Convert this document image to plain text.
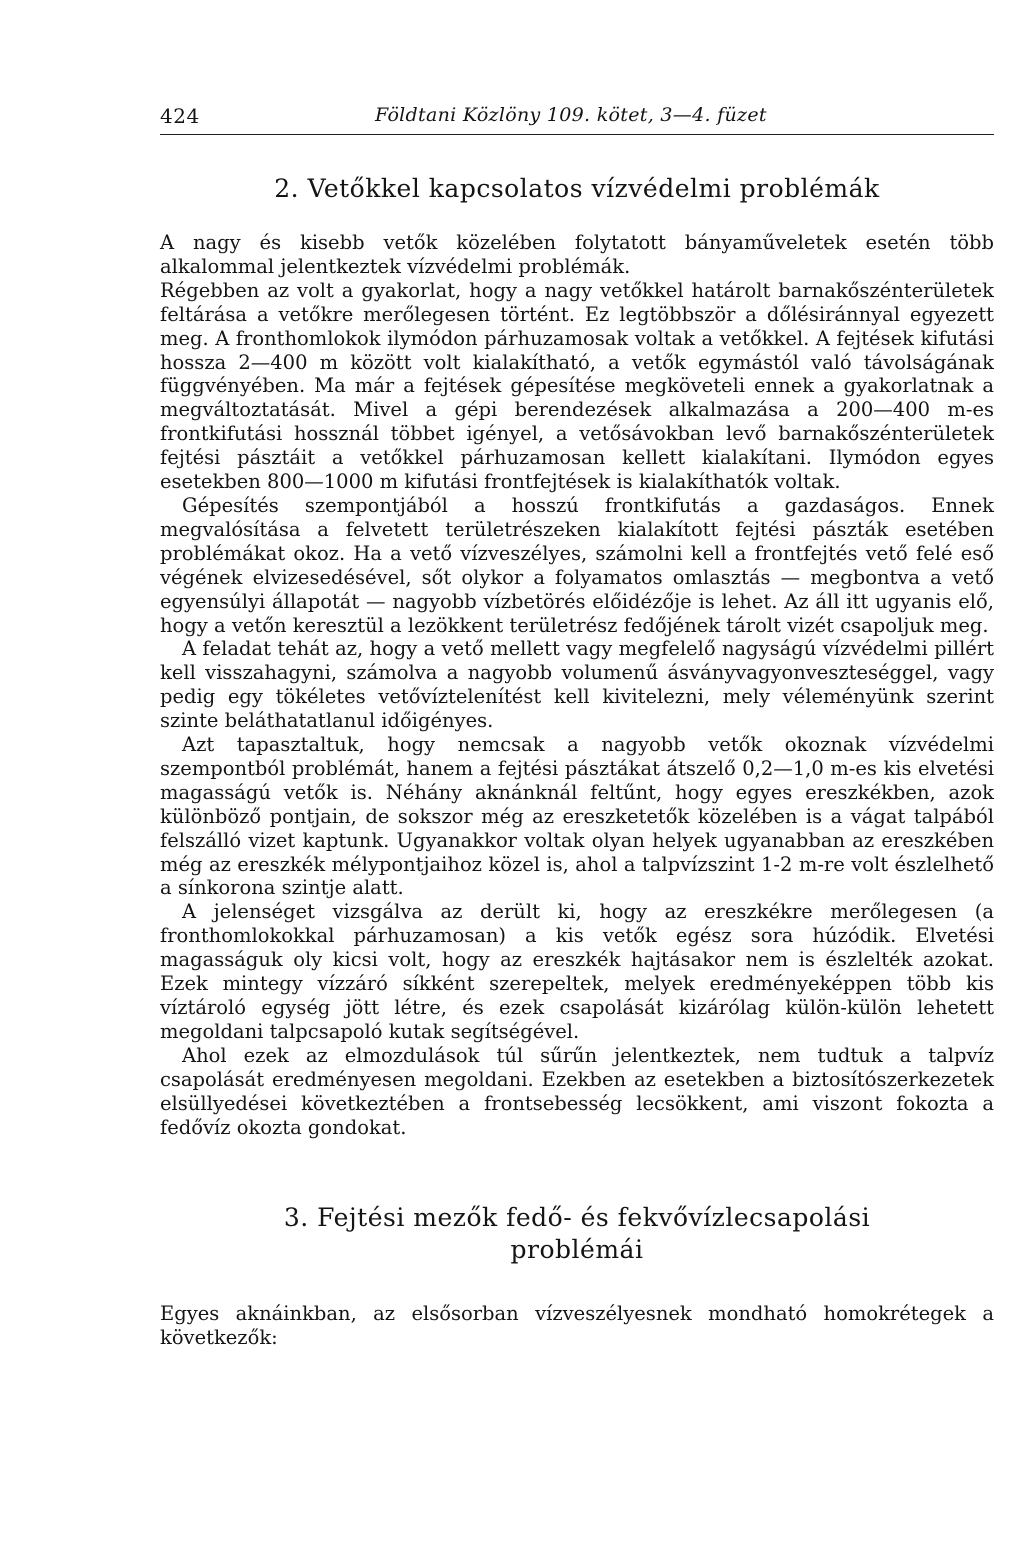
424	Földtani Közlöny 109. kötet, 3—4. füzet
2. Vetőkkel kapcsolatos vízvédelmi problémák

A nagy és kisebb vetők közelében folytatott bányaműveletek esetén több alkalommal jelentkeztek vízvédelmi problémák.

Régebben az volt a gyakorlat, hogy a nagy vetőkkel határolt barnakőszénterületek feltárása a vetőkre merőlegesen történt. Ez legtöbbször a dőlésiránnyal egyezett meg. A fronthomlokok ilymódon párhuzamosak voltak a vetőkkel. A fejtések kifutási hossza 2—400 m között volt kialakítható, a vetők egymástól való távolságának függvényében. Ma már a fejtések gépesítése megköveteli ennek a gyakorlatnak a megváltoztatását. Mivel a gépi berendezések alkalmazása a 200—400 m-es frontkifutási hossznál többet igényel, a vetősávokban levő barnakőszénterületek fejtési pásztáit a vetőkkel párhuzamosan kellett kialakítani. Ilymódon egyes esetekben 800—1000 m kifutási frontfejtések is kialakíthatók voltak.

Gépesítés szempontjából a hosszú frontkifutás a gazdaságos. Ennek megvalósítása a felvetett területrészeken kialakított fejtési pászták esetében problémákat okoz. Ha a vető vízveszélyes, számolni kell a frontfejtés vető felé eső végének elvizesedésével, sőt olykor a folyamatos omlasztás — megbontva a vető egyensúlyi állapotát — nagyobb vízbetörés előidézője is lehet. Az áll itt ugyanis elő, hogy a vetőn keresztül a lezökkent területrész fedőjének tárolt vizét csapoljuk meg.

A feladat tehát az, hogy a vető mellett vagy megfelelő nagyságú vízvédelmi pillért kell visszahagyni, számolva a nagyobb volumenű ásványvagyonveszteséggel, vagy pedig egy tökéletes vetővíztelenítést kell kivitelezni, mely véleményünk szerint szinte beláthatatlanul időigényes.

Azt tapasztaltuk, hogy nemcsak a nagyobb vetők okoznak vízvédelmi szempontból problémát, hanem a fejtési pásztákat átszelő 0,2—1,0 m-es kis elvetési magasságú vetők is. Néhány aknánknál feltűnt, hogy egyes ereszkékben, azok különböző pontjain, de sokszor még az ereszketetők közelében is a vágat talpából felszálló vizet kaptunk. Ugyanakkor voltak olyan helyek ugyanabban az ereszkében még az ereszkék mélypontjaihoz közel is, ahol a talpvízszint 1-2 m-re volt észlelhető a sínkorona szintje alatt.

A jelenséget vizsgálva az derült ki, hogy az ereszkékre merőlegesen (a fronthomlokokkal párhuzamosan) a kis vetők egész sora húzódik. Elvetési magasságuk oly kicsi volt, hogy az ereszkék hajtásakor nem is észlelték azokat. Ezek mintegy vízzáró síkként szerepeltek, melyek eredményeképpen több kis víztároló egység jött létre, és ezek csapolását kizárólag külön-külön lehetett megoldani talpcsapoló kutak segítségével.

Ahol ezek az elmozdulások túl sűrűn jelentkeztek, nem tudtuk a talpvíz csapolását eredményesen megoldani. Ezekben az esetekben a biztosítószerkezetek elsüllyedései következtében a frontsebesség lecsökkent, ami viszont fokozta a fedővíz okozta gondokat.

3. Fejtési mezők fedő- és fekvővízlecsapolási
problémái

Egyes aknáinkban, az elsősorban vízveszélyesnek mondható homokrétegek a következők:
